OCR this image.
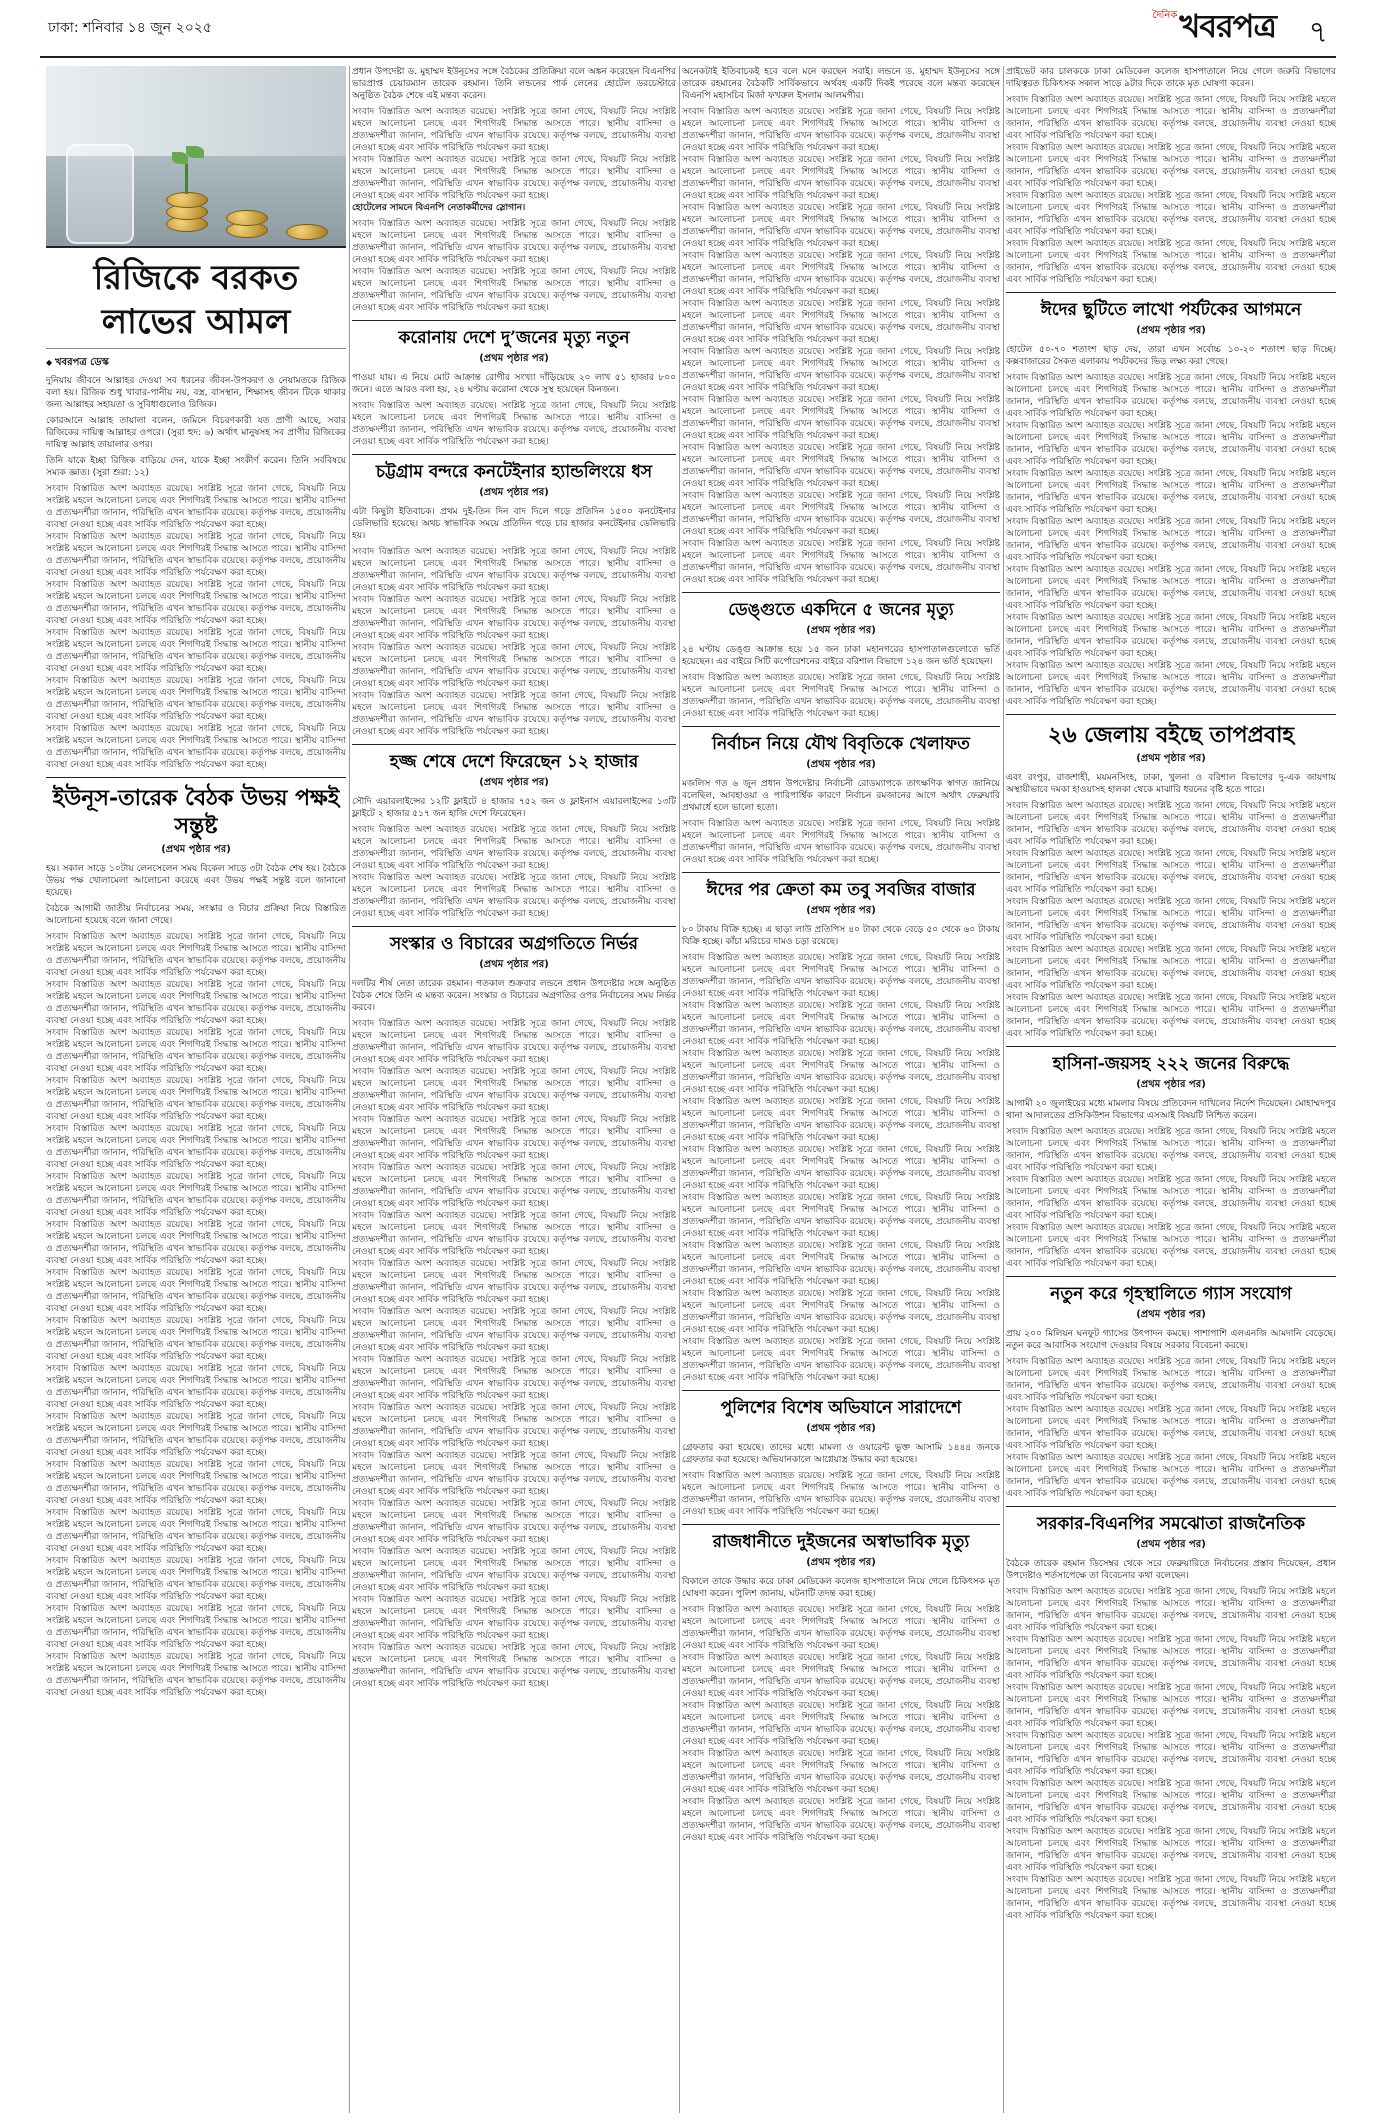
ঢাকা: শনিবার ১৪ জুন ২০২৫
দৈনিক খবরপত্র ৭
রিজিকে বরকত লাভের আমল
◆ খবরপত্র ডেস্ক

দুনিয়ায় জীবনে আল্লাহর দেওয়া সব ধরনের জীবন-উপকরণ ও নেয়ামতকে রিজিক বলা হয়। রিজিক শুধু খাবার-পানীয় নয়, বস্ত্র, বাসস্থান, শিক্ষাসহ জীবন টিকে থাকার জন্য আল্লাহর সহায়তা ও সুবিধাগুলোও রিজিক।

কোরআনে আল্লাহ তায়ালা বলেন, জমিনে বিচরণকারী যত প্রাণী আছে, সবার রিজিকের দায়িত্ব আল্লাহর ওপরে। (সুরা হুদ: ৬) অর্থাৎ মানুষসহ সব প্রাণীর রিজিকের দায়িত্ব আল্লাহ তায়ালার ওপর।

তিনি যাকে ইচ্ছা রিজিক বাড়িয়ে দেন, যাকে ইচ্ছা সংকীর্ণ করেন। তিনি সর্ববিষয়ে সম্যক জ্ঞাত। (সুরা শুরা: ১২)

সংবাদ বিস্তারিত অংশ অব্যাহত রয়েছে। সংশ্লিষ্ট সূত্রে জানা গেছে, বিষয়টি নিয়ে সংশ্লিষ্ট মহলে আলোচনা চলছে এবং শিগগিরই সিদ্ধান্ত আসতে পারে। স্থানীয় বাসিন্দা ও প্রত্যক্ষদর্শীরা জানান, পরিস্থিতি এখন স্বাভাবিক রয়েছে। কর্তৃপক্ষ বলছে, প্রয়োজনীয় ব্যবস্থা নেওয়া হচ্ছে এবং সার্বিক পরিস্থিতি পর্যবেক্ষণ করা হচ্ছে।

সংবাদ বিস্তারিত অংশ অব্যাহত রয়েছে। সংশ্লিষ্ট সূত্রে জানা গেছে, বিষয়টি নিয়ে সংশ্লিষ্ট মহলে আলোচনা চলছে এবং শিগগিরই সিদ্ধান্ত আসতে পারে। স্থানীয় বাসিন্দা ও প্রত্যক্ষদর্শীরা জানান, পরিস্থিতি এখন স্বাভাবিক রয়েছে। কর্তৃপক্ষ বলছে, প্রয়োজনীয় ব্যবস্থা নেওয়া হচ্ছে এবং সার্বিক পরিস্থিতি পর্যবেক্ষণ করা হচ্ছে।

সংবাদ বিস্তারিত অংশ অব্যাহত রয়েছে। সংশ্লিষ্ট সূত্রে জানা গেছে, বিষয়টি নিয়ে সংশ্লিষ্ট মহলে আলোচনা চলছে এবং শিগগিরই সিদ্ধান্ত আসতে পারে। স্থানীয় বাসিন্দা ও প্রত্যক্ষদর্শীরা জানান, পরিস্থিতি এখন স্বাভাবিক রয়েছে। কর্তৃপক্ষ বলছে, প্রয়োজনীয় ব্যবস্থা নেওয়া হচ্ছে এবং সার্বিক পরিস্থিতি পর্যবেক্ষণ করা হচ্ছে।

সংবাদ বিস্তারিত অংশ অব্যাহত রয়েছে। সংশ্লিষ্ট সূত্রে জানা গেছে, বিষয়টি নিয়ে সংশ্লিষ্ট মহলে আলোচনা চলছে এবং শিগগিরই সিদ্ধান্ত আসতে পারে। স্থানীয় বাসিন্দা ও প্রত্যক্ষদর্শীরা জানান, পরিস্থিতি এখন স্বাভাবিক রয়েছে। কর্তৃপক্ষ বলছে, প্রয়োজনীয় ব্যবস্থা নেওয়া হচ্ছে এবং সার্বিক পরিস্থিতি পর্যবেক্ষণ করা হচ্ছে।

সংবাদ বিস্তারিত অংশ অব্যাহত রয়েছে। সংশ্লিষ্ট সূত্রে জানা গেছে, বিষয়টি নিয়ে সংশ্লিষ্ট মহলে আলোচনা চলছে এবং শিগগিরই সিদ্ধান্ত আসতে পারে। স্থানীয় বাসিন্দা ও প্রত্যক্ষদর্শীরা জানান, পরিস্থিতি এখন স্বাভাবিক রয়েছে। কর্তৃপক্ষ বলছে, প্রয়োজনীয় ব্যবস্থা নেওয়া হচ্ছে এবং সার্বিক পরিস্থিতি পর্যবেক্ষণ করা হচ্ছে।

সংবাদ বিস্তারিত অংশ অব্যাহত রয়েছে। সংশ্লিষ্ট সূত্রে জানা গেছে, বিষয়টি নিয়ে সংশ্লিষ্ট মহলে আলোচনা চলছে এবং শিগগিরই সিদ্ধান্ত আসতে পারে। স্থানীয় বাসিন্দা ও প্রত্যক্ষদর্শীরা জানান, পরিস্থিতি এখন স্বাভাবিক রয়েছে। কর্তৃপক্ষ বলছে, প্রয়োজনীয় ব্যবস্থা নেওয়া হচ্ছে এবং সার্বিক পরিস্থিতি পর্যবেক্ষণ করা হচ্ছে।

ইউনূস-তারেক বৈঠক উভয় পক্ষই সন্তুষ্ট
( প্রথম পৃষ্ঠার পর )

হয়। সকাল সাড়ে ১০টায় লেনসেলেন সময় বিকেল সাড়ে ৩টা বৈঠক শেষ হয়। বৈঠকে উভয় পক্ষ খোলামেলা আলোচনা করেছে এবং উভয় পক্ষই সন্তুষ্ট বলে জানানো হয়েছে।

বৈঠকে আগামী জাতীয় নির্বাচনের সময়, সংস্কার ও বিচার প্রক্রিয়া নিয়ে বিস্তারিত আলোচনা হয়েছে বলে জানা গেছে।

সংবাদ বিস্তারিত অংশ অব্যাহত রয়েছে। সংশ্লিষ্ট সূত্রে জানা গেছে, বিষয়টি নিয়ে সংশ্লিষ্ট মহলে আলোচনা চলছে এবং শিগগিরই সিদ্ধান্ত আসতে পারে। স্থানীয় বাসিন্দা ও প্রত্যক্ষদর্শীরা জানান, পরিস্থিতি এখন স্বাভাবিক রয়েছে। কর্তৃপক্ষ বলছে, প্রয়োজনীয় ব্যবস্থা নেওয়া হচ্ছে এবং সার্বিক পরিস্থিতি পর্যবেক্ষণ করা হচ্ছে।

সংবাদ বিস্তারিত অংশ অব্যাহত রয়েছে। সংশ্লিষ্ট সূত্রে জানা গেছে, বিষয়টি নিয়ে সংশ্লিষ্ট মহলে আলোচনা চলছে এবং শিগগিরই সিদ্ধান্ত আসতে পারে। স্থানীয় বাসিন্দা ও প্রত্যক্ষদর্শীরা জানান, পরিস্থিতি এখন স্বাভাবিক রয়েছে। কর্তৃপক্ষ বলছে, প্রয়োজনীয় ব্যবস্থা নেওয়া হচ্ছে এবং সার্বিক পরিস্থিতি পর্যবেক্ষণ করা হচ্ছে।

সংবাদ বিস্তারিত অংশ অব্যাহত রয়েছে। সংশ্লিষ্ট সূত্রে জানা গেছে, বিষয়টি নিয়ে সংশ্লিষ্ট মহলে আলোচনা চলছে এবং শিগগিরই সিদ্ধান্ত আসতে পারে। স্থানীয় বাসিন্দা ও প্রত্যক্ষদর্শীরা জানান, পরিস্থিতি এখন স্বাভাবিক রয়েছে। কর্তৃপক্ষ বলছে, প্রয়োজনীয় ব্যবস্থা নেওয়া হচ্ছে এবং সার্বিক পরিস্থিতি পর্যবেক্ষণ করা হচ্ছে।

সংবাদ বিস্তারিত অংশ অব্যাহত রয়েছে। সংশ্লিষ্ট সূত্রে জানা গেছে, বিষয়টি নিয়ে সংশ্লিষ্ট মহলে আলোচনা চলছে এবং শিগগিরই সিদ্ধান্ত আসতে পারে। স্থানীয় বাসিন্দা ও প্রত্যক্ষদর্শীরা জানান, পরিস্থিতি এখন স্বাভাবিক রয়েছে। কর্তৃপক্ষ বলছে, প্রয়োজনীয় ব্যবস্থা নেওয়া হচ্ছে এবং সার্বিক পরিস্থিতি পর্যবেক্ষণ করা হচ্ছে।

সংবাদ বিস্তারিত অংশ অব্যাহত রয়েছে। সংশ্লিষ্ট সূত্রে জানা গেছে, বিষয়টি নিয়ে সংশ্লিষ্ট মহলে আলোচনা চলছে এবং শিগগিরই সিদ্ধান্ত আসতে পারে। স্থানীয় বাসিন্দা ও প্রত্যক্ষদর্শীরা জানান, পরিস্থিতি এখন স্বাভাবিক রয়েছে। কর্তৃপক্ষ বলছে, প্রয়োজনীয় ব্যবস্থা নেওয়া হচ্ছে এবং সার্বিক পরিস্থিতি পর্যবেক্ষণ করা হচ্ছে।

সংবাদ বিস্তারিত অংশ অব্যাহত রয়েছে। সংশ্লিষ্ট সূত্রে জানা গেছে, বিষয়টি নিয়ে সংশ্লিষ্ট মহলে আলোচনা চলছে এবং শিগগিরই সিদ্ধান্ত আসতে পারে। স্থানীয় বাসিন্দা ও প্রত্যক্ষদর্শীরা জানান, পরিস্থিতি এখন স্বাভাবিক রয়েছে। কর্তৃপক্ষ বলছে, প্রয়োজনীয় ব্যবস্থা নেওয়া হচ্ছে এবং সার্বিক পরিস্থিতি পর্যবেক্ষণ করা হচ্ছে।

সংবাদ বিস্তারিত অংশ অব্যাহত রয়েছে। সংশ্লিষ্ট সূত্রে জানা গেছে, বিষয়টি নিয়ে সংশ্লিষ্ট মহলে আলোচনা চলছে এবং শিগগিরই সিদ্ধান্ত আসতে পারে। স্থানীয় বাসিন্দা ও প্রত্যক্ষদর্শীরা জানান, পরিস্থিতি এখন স্বাভাবিক রয়েছে। কর্তৃপক্ষ বলছে, প্রয়োজনীয় ব্যবস্থা নেওয়া হচ্ছে এবং সার্বিক পরিস্থিতি পর্যবেক্ষণ করা হচ্ছে।

সংবাদ বিস্তারিত অংশ অব্যাহত রয়েছে। সংশ্লিষ্ট সূত্রে জানা গেছে, বিষয়টি নিয়ে সংশ্লিষ্ট মহলে আলোচনা চলছে এবং শিগগিরই সিদ্ধান্ত আসতে পারে। স্থানীয় বাসিন্দা ও প্রত্যক্ষদর্শীরা জানান, পরিস্থিতি এখন স্বাভাবিক রয়েছে। কর্তৃপক্ষ বলছে, প্রয়োজনীয় ব্যবস্থা নেওয়া হচ্ছে এবং সার্বিক পরিস্থিতি পর্যবেক্ষণ করা হচ্ছে।

সংবাদ বিস্তারিত অংশ অব্যাহত রয়েছে। সংশ্লিষ্ট সূত্রে জানা গেছে, বিষয়টি নিয়ে সংশ্লিষ্ট মহলে আলোচনা চলছে এবং শিগগিরই সিদ্ধান্ত আসতে পারে। স্থানীয় বাসিন্দা ও প্রত্যক্ষদর্শীরা জানান, পরিস্থিতি এখন স্বাভাবিক রয়েছে। কর্তৃপক্ষ বলছে, প্রয়োজনীয় ব্যবস্থা নেওয়া হচ্ছে এবং সার্বিক পরিস্থিতি পর্যবেক্ষণ করা হচ্ছে।

সংবাদ বিস্তারিত অংশ অব্যাহত রয়েছে। সংশ্লিষ্ট সূত্রে জানা গেছে, বিষয়টি নিয়ে সংশ্লিষ্ট মহলে আলোচনা চলছে এবং শিগগিরই সিদ্ধান্ত আসতে পারে। স্থানীয় বাসিন্দা ও প্রত্যক্ষদর্শীরা জানান, পরিস্থিতি এখন স্বাভাবিক রয়েছে। কর্তৃপক্ষ বলছে, প্রয়োজনীয় ব্যবস্থা নেওয়া হচ্ছে এবং সার্বিক পরিস্থিতি পর্যবেক্ষণ করা হচ্ছে।

সংবাদ বিস্তারিত অংশ অব্যাহত রয়েছে। সংশ্লিষ্ট সূত্রে জানা গেছে, বিষয়টি নিয়ে সংশ্লিষ্ট মহলে আলোচনা চলছে এবং শিগগিরই সিদ্ধান্ত আসতে পারে। স্থানীয় বাসিন্দা ও প্রত্যক্ষদর্শীরা জানান, পরিস্থিতি এখন স্বাভাবিক রয়েছে। কর্তৃপক্ষ বলছে, প্রয়োজনীয় ব্যবস্থা নেওয়া হচ্ছে এবং সার্বিক পরিস্থিতি পর্যবেক্ষণ করা হচ্ছে।

সংবাদ বিস্তারিত অংশ অব্যাহত রয়েছে। সংশ্লিষ্ট সূত্রে জানা গেছে, বিষয়টি নিয়ে সংশ্লিষ্ট মহলে আলোচনা চলছে এবং শিগগিরই সিদ্ধান্ত আসতে পারে। স্থানীয় বাসিন্দা ও প্রত্যক্ষদর্শীরা জানান, পরিস্থিতি এখন স্বাভাবিক রয়েছে। কর্তৃপক্ষ বলছে, প্রয়োজনীয় ব্যবস্থা নেওয়া হচ্ছে এবং সার্বিক পরিস্থিতি পর্যবেক্ষণ করা হচ্ছে।

সংবাদ বিস্তারিত অংশ অব্যাহত রয়েছে। সংশ্লিষ্ট সূত্রে জানা গেছে, বিষয়টি নিয়ে সংশ্লিষ্ট মহলে আলোচনা চলছে এবং শিগগিরই সিদ্ধান্ত আসতে পারে। স্থানীয় বাসিন্দা ও প্রত্যক্ষদর্শীরা জানান, পরিস্থিতি এখন স্বাভাবিক রয়েছে। কর্তৃপক্ষ বলছে, প্রয়োজনীয় ব্যবস্থা নেওয়া হচ্ছে এবং সার্বিক পরিস্থিতি পর্যবেক্ষণ করা হচ্ছে।

সংবাদ বিস্তারিত অংশ অব্যাহত রয়েছে। সংশ্লিষ্ট সূত্রে জানা গেছে, বিষয়টি নিয়ে সংশ্লিষ্ট মহলে আলোচনা চলছে এবং শিগগিরই সিদ্ধান্ত আসতে পারে। স্থানীয় বাসিন্দা ও প্রত্যক্ষদর্শীরা জানান, পরিস্থিতি এখন স্বাভাবিক রয়েছে। কর্তৃপক্ষ বলছে, প্রয়োজনীয় ব্যবস্থা নেওয়া হচ্ছে এবং সার্বিক পরিস্থিতি পর্যবেক্ষণ করা হচ্ছে।

সংবাদ বিস্তারিত অংশ অব্যাহত রয়েছে। সংশ্লিষ্ট সূত্রে জানা গেছে, বিষয়টি নিয়ে সংশ্লিষ্ট মহলে আলোচনা চলছে এবং শিগগিরই সিদ্ধান্ত আসতে পারে। স্থানীয় বাসিন্দা ও প্রত্যক্ষদর্শীরা জানান, পরিস্থিতি এখন স্বাভাবিক রয়েছে। কর্তৃপক্ষ বলছে, প্রয়োজনীয় ব্যবস্থা নেওয়া হচ্ছে এবং সার্বিক পরিস্থিতি পর্যবেক্ষণ করা হচ্ছে।

সংবাদ বিস্তারিত অংশ অব্যাহত রয়েছে। সংশ্লিষ্ট সূত্রে জানা গেছে, বিষয়টি নিয়ে সংশ্লিষ্ট মহলে আলোচনা চলছে এবং শিগগিরই সিদ্ধান্ত আসতে পারে। স্থানীয় বাসিন্দা ও প্রত্যক্ষদর্শীরা জানান, পরিস্থিতি এখন স্বাভাবিক রয়েছে। কর্তৃপক্ষ বলছে, প্রয়োজনীয় ব্যবস্থা নেওয়া হচ্ছে এবং সার্বিক পরিস্থিতি পর্যবেক্ষণ করা হচ্ছে।

প্রধান উপদেষ্টা ড. মুহাম্মদ ইউনূসের সঙ্গে বৈঠকের প্রতিক্রিয়া বলে অঙ্কন করেছেন বিএনপির ভারপ্রাপ্ত চেয়ারম্যান তারেক রহমান। তিনি লন্ডনের পার্ক লেনের হোটেল ডরচেস্টারে অনুষ্ঠিত বৈঠক শেষে এই মন্তব্য করেন।

সংবাদ বিস্তারিত অংশ অব্যাহত রয়েছে। সংশ্লিষ্ট সূত্রে জানা গেছে, বিষয়টি নিয়ে সংশ্লিষ্ট মহলে আলোচনা চলছে এবং শিগগিরই সিদ্ধান্ত আসতে পারে। স্থানীয় বাসিন্দা ও প্রত্যক্ষদর্শীরা জানান, পরিস্থিতি এখন স্বাভাবিক রয়েছে। কর্তৃপক্ষ বলছে, প্রয়োজনীয় ব্যবস্থা নেওয়া হচ্ছে এবং সার্বিক পরিস্থিতি পর্যবেক্ষণ করা হচ্ছে।

সংবাদ বিস্তারিত অংশ অব্যাহত রয়েছে। সংশ্লিষ্ট সূত্রে জানা গেছে, বিষয়টি নিয়ে সংশ্লিষ্ট মহলে আলোচনা চলছে এবং শিগগিরই সিদ্ধান্ত আসতে পারে। স্থানীয় বাসিন্দা ও প্রত্যক্ষদর্শীরা জানান, পরিস্থিতি এখন স্বাভাবিক রয়েছে। কর্তৃপক্ষ বলছে, প্রয়োজনীয় ব্যবস্থা নেওয়া হচ্ছে এবং সার্বিক পরিস্থিতি পর্যবেক্ষণ করা হচ্ছে।

হোটেলের সামনে বিএনপি নেতাকর্মীদের স্লোগান।

সংবাদ বিস্তারিত অংশ অব্যাহত রয়েছে। সংশ্লিষ্ট সূত্রে জানা গেছে, বিষয়টি নিয়ে সংশ্লিষ্ট মহলে আলোচনা চলছে এবং শিগগিরই সিদ্ধান্ত আসতে পারে। স্থানীয় বাসিন্দা ও প্রত্যক্ষদর্শীরা জানান, পরিস্থিতি এখন স্বাভাবিক রয়েছে। কর্তৃপক্ষ বলছে, প্রয়োজনীয় ব্যবস্থা নেওয়া হচ্ছে এবং সার্বিক পরিস্থিতি পর্যবেক্ষণ করা হচ্ছে।

সংবাদ বিস্তারিত অংশ অব্যাহত রয়েছে। সংশ্লিষ্ট সূত্রে জানা গেছে, বিষয়টি নিয়ে সংশ্লিষ্ট মহলে আলোচনা চলছে এবং শিগগিরই সিদ্ধান্ত আসতে পারে। স্থানীয় বাসিন্দা ও প্রত্যক্ষদর্শীরা জানান, পরিস্থিতি এখন স্বাভাবিক রয়েছে। কর্তৃপক্ষ বলছে, প্রয়োজনীয় ব্যবস্থা নেওয়া হচ্ছে এবং সার্বিক পরিস্থিতি পর্যবেক্ষণ করা হচ্ছে।

করোনায় দেশে দু’জনের মৃত্যু নতুন
( প্রথম পৃষ্ঠার পর )

পাওয়া যায়। এ নিয়ে মোট আক্রান্ত রোগীর সংখ্যা দাঁড়িয়েছে ২০ লাখ ৫১ হাজার ৮০০ জনে। এতে আরও বলা হয়, ২৪ ঘণ্টায় করোনা থেকে সুস্থ হয়েছেন কিনজন।

সংবাদ বিস্তারিত অংশ অব্যাহত রয়েছে। সংশ্লিষ্ট সূত্রে জানা গেছে, বিষয়টি নিয়ে সংশ্লিষ্ট মহলে আলোচনা চলছে এবং শিগগিরই সিদ্ধান্ত আসতে পারে। স্থানীয় বাসিন্দা ও প্রত্যক্ষদর্শীরা জানান, পরিস্থিতি এখন স্বাভাবিক রয়েছে। কর্তৃপক্ষ বলছে, প্রয়োজনীয় ব্যবস্থা নেওয়া হচ্ছে এবং সার্বিক পরিস্থিতি পর্যবেক্ষণ করা হচ্ছে।

চট্টগ্রাম বন্দরে কনটেইনার হ্যান্ডলিংয়ে ধস
( প্রথম পৃষ্ঠার পর )

এটা কিছুটা ইতিবাচক। প্রথম দুই-তিন দিন বাদ দিলে গড়ে প্রতিদিন ১৫০০ কনটেইনার ডেলিভারি হয়েছে। অথচ স্বাভাবিক সময়ে প্রতিদিন গড়ে চার হাজার কনটেইনার ডেলিভারি হয়।

সংবাদ বিস্তারিত অংশ অব্যাহত রয়েছে। সংশ্লিষ্ট সূত্রে জানা গেছে, বিষয়টি নিয়ে সংশ্লিষ্ট মহলে আলোচনা চলছে এবং শিগগিরই সিদ্ধান্ত আসতে পারে। স্থানীয় বাসিন্দা ও প্রত্যক্ষদর্শীরা জানান, পরিস্থিতি এখন স্বাভাবিক রয়েছে। কর্তৃপক্ষ বলছে, প্রয়োজনীয় ব্যবস্থা নেওয়া হচ্ছে এবং সার্বিক পরিস্থিতি পর্যবেক্ষণ করা হচ্ছে।

সংবাদ বিস্তারিত অংশ অব্যাহত রয়েছে। সংশ্লিষ্ট সূত্রে জানা গেছে, বিষয়টি নিয়ে সংশ্লিষ্ট মহলে আলোচনা চলছে এবং শিগগিরই সিদ্ধান্ত আসতে পারে। স্থানীয় বাসিন্দা ও প্রত্যক্ষদর্শীরা জানান, পরিস্থিতি এখন স্বাভাবিক রয়েছে। কর্তৃপক্ষ বলছে, প্রয়োজনীয় ব্যবস্থা নেওয়া হচ্ছে এবং সার্বিক পরিস্থিতি পর্যবেক্ষণ করা হচ্ছে।

সংবাদ বিস্তারিত অংশ অব্যাহত রয়েছে। সংশ্লিষ্ট সূত্রে জানা গেছে, বিষয়টি নিয়ে সংশ্লিষ্ট মহলে আলোচনা চলছে এবং শিগগিরই সিদ্ধান্ত আসতে পারে। স্থানীয় বাসিন্দা ও প্রত্যক্ষদর্শীরা জানান, পরিস্থিতি এখন স্বাভাবিক রয়েছে। কর্তৃপক্ষ বলছে, প্রয়োজনীয় ব্যবস্থা নেওয়া হচ্ছে এবং সার্বিক পরিস্থিতি পর্যবেক্ষণ করা হচ্ছে।

সংবাদ বিস্তারিত অংশ অব্যাহত রয়েছে। সংশ্লিষ্ট সূত্রে জানা গেছে, বিষয়টি নিয়ে সংশ্লিষ্ট মহলে আলোচনা চলছে এবং শিগগিরই সিদ্ধান্ত আসতে পারে। স্থানীয় বাসিন্দা ও প্রত্যক্ষদর্শীরা জানান, পরিস্থিতি এখন স্বাভাবিক রয়েছে। কর্তৃপক্ষ বলছে, প্রয়োজনীয় ব্যবস্থা নেওয়া হচ্ছে এবং সার্বিক পরিস্থিতি পর্যবেক্ষণ করা হচ্ছে।

হজ্জ শেষে দেশে ফিরেছেন ১২ হাজার
( প্রথম পৃষ্ঠার পর )

সৌদি এয়ারলাইন্সের ১২টি ফ্লাইটে ৪ হাজার ৭৫২ জন ও ফ্লাইনাস এয়ারলাইন্সের ১৩টি ফ্লাইটে ২ হাজার ৫১৭ জন হাজি দেশে ফিরেছেন।

সংবাদ বিস্তারিত অংশ অব্যাহত রয়েছে। সংশ্লিষ্ট সূত্রে জানা গেছে, বিষয়টি নিয়ে সংশ্লিষ্ট মহলে আলোচনা চলছে এবং শিগগিরই সিদ্ধান্ত আসতে পারে। স্থানীয় বাসিন্দা ও প্রত্যক্ষদর্শীরা জানান, পরিস্থিতি এখন স্বাভাবিক রয়েছে। কর্তৃপক্ষ বলছে, প্রয়োজনীয় ব্যবস্থা নেওয়া হচ্ছে এবং সার্বিক পরিস্থিতি পর্যবেক্ষণ করা হচ্ছে।

সংবাদ বিস্তারিত অংশ অব্যাহত রয়েছে। সংশ্লিষ্ট সূত্রে জানা গেছে, বিষয়টি নিয়ে সংশ্লিষ্ট মহলে আলোচনা চলছে এবং শিগগিরই সিদ্ধান্ত আসতে পারে। স্থানীয় বাসিন্দা ও প্রত্যক্ষদর্শীরা জানান, পরিস্থিতি এখন স্বাভাবিক রয়েছে। কর্তৃপক্ষ বলছে, প্রয়োজনীয় ব্যবস্থা নেওয়া হচ্ছে এবং সার্বিক পরিস্থিতি পর্যবেক্ষণ করা হচ্ছে।

সংস্কার ও বিচারের অগ্রগতিতে নির্ভর
( প্রথম পৃষ্ঠার পর )

দলটির শীর্ষ নেতা তারেক রহমান। গতকাল শুক্রবার লন্ডনে প্রধান উপদেষ্টার সঙ্গে অনুষ্ঠিত বৈঠক শেষে তিনি এ মন্তব্য করেন। সংস্কার ও বিচারের অগ্রগতির ওপর নির্বাচনের সময় নির্ভর করবে।

সংবাদ বিস্তারিত অংশ অব্যাহত রয়েছে। সংশ্লিষ্ট সূত্রে জানা গেছে, বিষয়টি নিয়ে সংশ্লিষ্ট মহলে আলোচনা চলছে এবং শিগগিরই সিদ্ধান্ত আসতে পারে। স্থানীয় বাসিন্দা ও প্রত্যক্ষদর্শীরা জানান, পরিস্থিতি এখন স্বাভাবিক রয়েছে। কর্তৃপক্ষ বলছে, প্রয়োজনীয় ব্যবস্থা নেওয়া হচ্ছে এবং সার্বিক পরিস্থিতি পর্যবেক্ষণ করা হচ্ছে।

সংবাদ বিস্তারিত অংশ অব্যাহত রয়েছে। সংশ্লিষ্ট সূত্রে জানা গেছে, বিষয়টি নিয়ে সংশ্লিষ্ট মহলে আলোচনা চলছে এবং শিগগিরই সিদ্ধান্ত আসতে পারে। স্থানীয় বাসিন্দা ও প্রত্যক্ষদর্শীরা জানান, পরিস্থিতি এখন স্বাভাবিক রয়েছে। কর্তৃপক্ষ বলছে, প্রয়োজনীয় ব্যবস্থা নেওয়া হচ্ছে এবং সার্বিক পরিস্থিতি পর্যবেক্ষণ করা হচ্ছে।

সংবাদ বিস্তারিত অংশ অব্যাহত রয়েছে। সংশ্লিষ্ট সূত্রে জানা গেছে, বিষয়টি নিয়ে সংশ্লিষ্ট মহলে আলোচনা চলছে এবং শিগগিরই সিদ্ধান্ত আসতে পারে। স্থানীয় বাসিন্দা ও প্রত্যক্ষদর্শীরা জানান, পরিস্থিতি এখন স্বাভাবিক রয়েছে। কর্তৃপক্ষ বলছে, প্রয়োজনীয় ব্যবস্থা নেওয়া হচ্ছে এবং সার্বিক পরিস্থিতি পর্যবেক্ষণ করা হচ্ছে।

সংবাদ বিস্তারিত অংশ অব্যাহত রয়েছে। সংশ্লিষ্ট সূত্রে জানা গেছে, বিষয়টি নিয়ে সংশ্লিষ্ট মহলে আলোচনা চলছে এবং শিগগিরই সিদ্ধান্ত আসতে পারে। স্থানীয় বাসিন্দা ও প্রত্যক্ষদর্শীরা জানান, পরিস্থিতি এখন স্বাভাবিক রয়েছে। কর্তৃপক্ষ বলছে, প্রয়োজনীয় ব্যবস্থা নেওয়া হচ্ছে এবং সার্বিক পরিস্থিতি পর্যবেক্ষণ করা হচ্ছে।

সংবাদ বিস্তারিত অংশ অব্যাহত রয়েছে। সংশ্লিষ্ট সূত্রে জানা গেছে, বিষয়টি নিয়ে সংশ্লিষ্ট মহলে আলোচনা চলছে এবং শিগগিরই সিদ্ধান্ত আসতে পারে। স্থানীয় বাসিন্দা ও প্রত্যক্ষদর্শীরা জানান, পরিস্থিতি এখন স্বাভাবিক রয়েছে। কর্তৃপক্ষ বলছে, প্রয়োজনীয় ব্যবস্থা নেওয়া হচ্ছে এবং সার্বিক পরিস্থিতি পর্যবেক্ষণ করা হচ্ছে।

সংবাদ বিস্তারিত অংশ অব্যাহত রয়েছে। সংশ্লিষ্ট সূত্রে জানা গেছে, বিষয়টি নিয়ে সংশ্লিষ্ট মহলে আলোচনা চলছে এবং শিগগিরই সিদ্ধান্ত আসতে পারে। স্থানীয় বাসিন্দা ও প্রত্যক্ষদর্শীরা জানান, পরিস্থিতি এখন স্বাভাবিক রয়েছে। কর্তৃপক্ষ বলছে, প্রয়োজনীয় ব্যবস্থা নেওয়া হচ্ছে এবং সার্বিক পরিস্থিতি পর্যবেক্ষণ করা হচ্ছে।

সংবাদ বিস্তারিত অংশ অব্যাহত রয়েছে। সংশ্লিষ্ট সূত্রে জানা গেছে, বিষয়টি নিয়ে সংশ্লিষ্ট মহলে আলোচনা চলছে এবং শিগগিরই সিদ্ধান্ত আসতে পারে। স্থানীয় বাসিন্দা ও প্রত্যক্ষদর্শীরা জানান, পরিস্থিতি এখন স্বাভাবিক রয়েছে। কর্তৃপক্ষ বলছে, প্রয়োজনীয় ব্যবস্থা নেওয়া হচ্ছে এবং সার্বিক পরিস্থিতি পর্যবেক্ষণ করা হচ্ছে।

সংবাদ বিস্তারিত অংশ অব্যাহত রয়েছে। সংশ্লিষ্ট সূত্রে জানা গেছে, বিষয়টি নিয়ে সংশ্লিষ্ট মহলে আলোচনা চলছে এবং শিগগিরই সিদ্ধান্ত আসতে পারে। স্থানীয় বাসিন্দা ও প্রত্যক্ষদর্শীরা জানান, পরিস্থিতি এখন স্বাভাবিক রয়েছে। কর্তৃপক্ষ বলছে, প্রয়োজনীয় ব্যবস্থা নেওয়া হচ্ছে এবং সার্বিক পরিস্থিতি পর্যবেক্ষণ করা হচ্ছে।

সংবাদ বিস্তারিত অংশ অব্যাহত রয়েছে। সংশ্লিষ্ট সূত্রে জানা গেছে, বিষয়টি নিয়ে সংশ্লিষ্ট মহলে আলোচনা চলছে এবং শিগগিরই সিদ্ধান্ত আসতে পারে। স্থানীয় বাসিন্দা ও প্রত্যক্ষদর্শীরা জানান, পরিস্থিতি এখন স্বাভাবিক রয়েছে। কর্তৃপক্ষ বলছে, প্রয়োজনীয় ব্যবস্থা নেওয়া হচ্ছে এবং সার্বিক পরিস্থিতি পর্যবেক্ষণ করা হচ্ছে।

সংবাদ বিস্তারিত অংশ অব্যাহত রয়েছে। সংশ্লিষ্ট সূত্রে জানা গেছে, বিষয়টি নিয়ে সংশ্লিষ্ট মহলে আলোচনা চলছে এবং শিগগিরই সিদ্ধান্ত আসতে পারে। স্থানীয় বাসিন্দা ও প্রত্যক্ষদর্শীরা জানান, পরিস্থিতি এখন স্বাভাবিক রয়েছে। কর্তৃপক্ষ বলছে, প্রয়োজনীয় ব্যবস্থা নেওয়া হচ্ছে এবং সার্বিক পরিস্থিতি পর্যবেক্ষণ করা হচ্ছে।

সংবাদ বিস্তারিত অংশ অব্যাহত রয়েছে। সংশ্লিষ্ট সূত্রে জানা গেছে, বিষয়টি নিয়ে সংশ্লিষ্ট মহলে আলোচনা চলছে এবং শিগগিরই সিদ্ধান্ত আসতে পারে। স্থানীয় বাসিন্দা ও প্রত্যক্ষদর্শীরা জানান, পরিস্থিতি এখন স্বাভাবিক রয়েছে। কর্তৃপক্ষ বলছে, প্রয়োজনীয় ব্যবস্থা নেওয়া হচ্ছে এবং সার্বিক পরিস্থিতি পর্যবেক্ষণ করা হচ্ছে।

সংবাদ বিস্তারিত অংশ অব্যাহত রয়েছে। সংশ্লিষ্ট সূত্রে জানা গেছে, বিষয়টি নিয়ে সংশ্লিষ্ট মহলে আলোচনা চলছে এবং শিগগিরই সিদ্ধান্ত আসতে পারে। স্থানীয় বাসিন্দা ও প্রত্যক্ষদর্শীরা জানান, পরিস্থিতি এখন স্বাভাবিক রয়েছে। কর্তৃপক্ষ বলছে, প্রয়োজনীয় ব্যবস্থা নেওয়া হচ্ছে এবং সার্বিক পরিস্থিতি পর্যবেক্ষণ করা হচ্ছে।

সংবাদ বিস্তারিত অংশ অব্যাহত রয়েছে। সংশ্লিষ্ট সূত্রে জানা গেছে, বিষয়টি নিয়ে সংশ্লিষ্ট মহলে আলোচনা চলছে এবং শিগগিরই সিদ্ধান্ত আসতে পারে। স্থানীয় বাসিন্দা ও প্রত্যক্ষদর্শীরা জানান, পরিস্থিতি এখন স্বাভাবিক রয়েছে। কর্তৃপক্ষ বলছে, প্রয়োজনীয় ব্যবস্থা নেওয়া হচ্ছে এবং সার্বিক পরিস্থিতি পর্যবেক্ষণ করা হচ্ছে।

সংবাদ বিস্তারিত অংশ অব্যাহত রয়েছে। সংশ্লিষ্ট সূত্রে জানা গেছে, বিষয়টি নিয়ে সংশ্লিষ্ট মহলে আলোচনা চলছে এবং শিগগিরই সিদ্ধান্ত আসতে পারে। স্থানীয় বাসিন্দা ও প্রত্যক্ষদর্শীরা জানান, পরিস্থিতি এখন স্বাভাবিক রয়েছে। কর্তৃপক্ষ বলছে, প্রয়োজনীয় ব্যবস্থা নেওয়া হচ্ছে এবং সার্বিক পরিস্থিতি পর্যবেক্ষণ করা হচ্ছে।

অনেকটাই ইতিবাচকই হবে বলে মনে করছেন সবাই। লন্ডনে ড. মুহাম্মদ ইউনূসের সঙ্গে তারেক রহমানের বৈঠকটি সার্বিকভাবে অর্থবহ একটি দিকই পরেছে বলে মন্তব্য করেছেন বিএনপি মহাসচিব মির্জা ফখরুল ইসলাম আলমগীর।

সংবাদ বিস্তারিত অংশ অব্যাহত রয়েছে। সংশ্লিষ্ট সূত্রে জানা গেছে, বিষয়টি নিয়ে সংশ্লিষ্ট মহলে আলোচনা চলছে এবং শিগগিরই সিদ্ধান্ত আসতে পারে। স্থানীয় বাসিন্দা ও প্রত্যক্ষদর্শীরা জানান, পরিস্থিতি এখন স্বাভাবিক রয়েছে। কর্তৃপক্ষ বলছে, প্রয়োজনীয় ব্যবস্থা নেওয়া হচ্ছে এবং সার্বিক পরিস্থিতি পর্যবেক্ষণ করা হচ্ছে।

সংবাদ বিস্তারিত অংশ অব্যাহত রয়েছে। সংশ্লিষ্ট সূত্রে জানা গেছে, বিষয়টি নিয়ে সংশ্লিষ্ট মহলে আলোচনা চলছে এবং শিগগিরই সিদ্ধান্ত আসতে পারে। স্থানীয় বাসিন্দা ও প্রত্যক্ষদর্শীরা জানান, পরিস্থিতি এখন স্বাভাবিক রয়েছে। কর্তৃপক্ষ বলছে, প্রয়োজনীয় ব্যবস্থা নেওয়া হচ্ছে এবং সার্বিক পরিস্থিতি পর্যবেক্ষণ করা হচ্ছে।

সংবাদ বিস্তারিত অংশ অব্যাহত রয়েছে। সংশ্লিষ্ট সূত্রে জানা গেছে, বিষয়টি নিয়ে সংশ্লিষ্ট মহলে আলোচনা চলছে এবং শিগগিরই সিদ্ধান্ত আসতে পারে। স্থানীয় বাসিন্দা ও প্রত্যক্ষদর্শীরা জানান, পরিস্থিতি এখন স্বাভাবিক রয়েছে। কর্তৃপক্ষ বলছে, প্রয়োজনীয় ব্যবস্থা নেওয়া হচ্ছে এবং সার্বিক পরিস্থিতি পর্যবেক্ষণ করা হচ্ছে।

সংবাদ বিস্তারিত অংশ অব্যাহত রয়েছে। সংশ্লিষ্ট সূত্রে জানা গেছে, বিষয়টি নিয়ে সংশ্লিষ্ট মহলে আলোচনা চলছে এবং শিগগিরই সিদ্ধান্ত আসতে পারে। স্থানীয় বাসিন্দা ও প্রত্যক্ষদর্শীরা জানান, পরিস্থিতি এখন স্বাভাবিক রয়েছে। কর্তৃপক্ষ বলছে, প্রয়োজনীয় ব্যবস্থা নেওয়া হচ্ছে এবং সার্বিক পরিস্থিতি পর্যবেক্ষণ করা হচ্ছে।

সংবাদ বিস্তারিত অংশ অব্যাহত রয়েছে। সংশ্লিষ্ট সূত্রে জানা গেছে, বিষয়টি নিয়ে সংশ্লিষ্ট মহলে আলোচনা চলছে এবং শিগগিরই সিদ্ধান্ত আসতে পারে। স্থানীয় বাসিন্দা ও প্রত্যক্ষদর্শীরা জানান, পরিস্থিতি এখন স্বাভাবিক রয়েছে। কর্তৃপক্ষ বলছে, প্রয়োজনীয় ব্যবস্থা নেওয়া হচ্ছে এবং সার্বিক পরিস্থিতি পর্যবেক্ষণ করা হচ্ছে।

সংবাদ বিস্তারিত অংশ অব্যাহত রয়েছে। সংশ্লিষ্ট সূত্রে জানা গেছে, বিষয়টি নিয়ে সংশ্লিষ্ট মহলে আলোচনা চলছে এবং শিগগিরই সিদ্ধান্ত আসতে পারে। স্থানীয় বাসিন্দা ও প্রত্যক্ষদর্শীরা জানান, পরিস্থিতি এখন স্বাভাবিক রয়েছে। কর্তৃপক্ষ বলছে, প্রয়োজনীয় ব্যবস্থা নেওয়া হচ্ছে এবং সার্বিক পরিস্থিতি পর্যবেক্ষণ করা হচ্ছে।

সংবাদ বিস্তারিত অংশ অব্যাহত রয়েছে। সংশ্লিষ্ট সূত্রে জানা গেছে, বিষয়টি নিয়ে সংশ্লিষ্ট মহলে আলোচনা চলছে এবং শিগগিরই সিদ্ধান্ত আসতে পারে। স্থানীয় বাসিন্দা ও প্রত্যক্ষদর্শীরা জানান, পরিস্থিতি এখন স্বাভাবিক রয়েছে। কর্তৃপক্ষ বলছে, প্রয়োজনীয় ব্যবস্থা নেওয়া হচ্ছে এবং সার্বিক পরিস্থিতি পর্যবেক্ষণ করা হচ্ছে।

সংবাদ বিস্তারিত অংশ অব্যাহত রয়েছে। সংশ্লিষ্ট সূত্রে জানা গেছে, বিষয়টি নিয়ে সংশ্লিষ্ট মহলে আলোচনা চলছে এবং শিগগিরই সিদ্ধান্ত আসতে পারে। স্থানীয় বাসিন্দা ও প্রত্যক্ষদর্শীরা জানান, পরিস্থিতি এখন স্বাভাবিক রয়েছে। কর্তৃপক্ষ বলছে, প্রয়োজনীয় ব্যবস্থা নেওয়া হচ্ছে এবং সার্বিক পরিস্থিতি পর্যবেক্ষণ করা হচ্ছে।

সংবাদ বিস্তারিত অংশ অব্যাহত রয়েছে। সংশ্লিষ্ট সূত্রে জানা গেছে, বিষয়টি নিয়ে সংশ্লিষ্ট মহলে আলোচনা চলছে এবং শিগগিরই সিদ্ধান্ত আসতে পারে। স্থানীয় বাসিন্দা ও প্রত্যক্ষদর্শীরা জানান, পরিস্থিতি এখন স্বাভাবিক রয়েছে। কর্তৃপক্ষ বলছে, প্রয়োজনীয় ব্যবস্থা নেওয়া হচ্ছে এবং সার্বিক পরিস্থিতি পর্যবেক্ষণ করা হচ্ছে।

সংবাদ বিস্তারিত অংশ অব্যাহত রয়েছে। সংশ্লিষ্ট সূত্রে জানা গেছে, বিষয়টি নিয়ে সংশ্লিষ্ট মহলে আলোচনা চলছে এবং শিগগিরই সিদ্ধান্ত আসতে পারে। স্থানীয় বাসিন্দা ও প্রত্যক্ষদর্শীরা জানান, পরিস্থিতি এখন স্বাভাবিক রয়েছে। কর্তৃপক্ষ বলছে, প্রয়োজনীয় ব্যবস্থা নেওয়া হচ্ছে এবং সার্বিক পরিস্থিতি পর্যবেক্ষণ করা হচ্ছে।

ডেঙ্গুতে একদিনে ৫ জনের মৃত্যু
( প্রথম পৃষ্ঠার পর )

২৪ ঘণ্টায় ডেঙ্গু আক্রান্ত হয়ে ১৫ জন ঢাকা মহানগরের হাসপাতালগুলোতে ভর্তি হয়েছেন। এর বাইরে সিটি কর্পোরেশনের বাইরে বরিশাল বিভাগে ১২৪ জন ভর্তি হয়েছেন।

সংবাদ বিস্তারিত অংশ অব্যাহত রয়েছে। সংশ্লিষ্ট সূত্রে জানা গেছে, বিষয়টি নিয়ে সংশ্লিষ্ট মহলে আলোচনা চলছে এবং শিগগিরই সিদ্ধান্ত আসতে পারে। স্থানীয় বাসিন্দা ও প্রত্যক্ষদর্শীরা জানান, পরিস্থিতি এখন স্বাভাবিক রয়েছে। কর্তৃপক্ষ বলছে, প্রয়োজনীয় ব্যবস্থা নেওয়া হচ্ছে এবং সার্বিক পরিস্থিতি পর্যবেক্ষণ করা হচ্ছে।

নির্বাচন নিয়ে যৌথ বিবৃতিকে খেলাফত
( প্রথম পৃষ্ঠার পর )

মজলিস গত ৬ জুন প্রধান উপদেষ্টার নির্বাচনী রোডম্যাপকে তাৎক্ষণিক স্বাগত জানিয়ে বলেছিল, আবহাওয়া ও পারিপার্শ্বিক কারণে নির্বাচন রমজানের আগে অর্থাৎ ফেব্রুয়ারি প্রথমার্ধে হলে ভালো হতো।

সংবাদ বিস্তারিত অংশ অব্যাহত রয়েছে। সংশ্লিষ্ট সূত্রে জানা গেছে, বিষয়টি নিয়ে সংশ্লিষ্ট মহলে আলোচনা চলছে এবং শিগগিরই সিদ্ধান্ত আসতে পারে। স্থানীয় বাসিন্দা ও প্রত্যক্ষদর্শীরা জানান, পরিস্থিতি এখন স্বাভাবিক রয়েছে। কর্তৃপক্ষ বলছে, প্রয়োজনীয় ব্যবস্থা নেওয়া হচ্ছে এবং সার্বিক পরিস্থিতি পর্যবেক্ষণ করা হচ্ছে।

ঈদের পর ক্রেতা কম তবু সবজির বাজার
( প্রথম পৃষ্ঠার পর )

৮০ টাকায় বিক্রি হচ্ছে। এ ছাড়া লাউ প্রতিপিস ৪০ টাকা থেকে বেড়ে ৫০ থেকে ৬০ টাকায় বিক্রি হচ্ছে। কাঁচা মরিচের দামও চড়া রয়েছে।

সংবাদ বিস্তারিত অংশ অব্যাহত রয়েছে। সংশ্লিষ্ট সূত্রে জানা গেছে, বিষয়টি নিয়ে সংশ্লিষ্ট মহলে আলোচনা চলছে এবং শিগগিরই সিদ্ধান্ত আসতে পারে। স্থানীয় বাসিন্দা ও প্রত্যক্ষদর্শীরা জানান, পরিস্থিতি এখন স্বাভাবিক রয়েছে। কর্তৃপক্ষ বলছে, প্রয়োজনীয় ব্যবস্থা নেওয়া হচ্ছে এবং সার্বিক পরিস্থিতি পর্যবেক্ষণ করা হচ্ছে।

সংবাদ বিস্তারিত অংশ অব্যাহত রয়েছে। সংশ্লিষ্ট সূত্রে জানা গেছে, বিষয়টি নিয়ে সংশ্লিষ্ট মহলে আলোচনা চলছে এবং শিগগিরই সিদ্ধান্ত আসতে পারে। স্থানীয় বাসিন্দা ও প্রত্যক্ষদর্শীরা জানান, পরিস্থিতি এখন স্বাভাবিক রয়েছে। কর্তৃপক্ষ বলছে, প্রয়োজনীয় ব্যবস্থা নেওয়া হচ্ছে এবং সার্বিক পরিস্থিতি পর্যবেক্ষণ করা হচ্ছে।

সংবাদ বিস্তারিত অংশ অব্যাহত রয়েছে। সংশ্লিষ্ট সূত্রে জানা গেছে, বিষয়টি নিয়ে সংশ্লিষ্ট মহলে আলোচনা চলছে এবং শিগগিরই সিদ্ধান্ত আসতে পারে। স্থানীয় বাসিন্দা ও প্রত্যক্ষদর্শীরা জানান, পরিস্থিতি এখন স্বাভাবিক রয়েছে। কর্তৃপক্ষ বলছে, প্রয়োজনীয় ব্যবস্থা নেওয়া হচ্ছে এবং সার্বিক পরিস্থিতি পর্যবেক্ষণ করা হচ্ছে।

সংবাদ বিস্তারিত অংশ অব্যাহত রয়েছে। সংশ্লিষ্ট সূত্রে জানা গেছে, বিষয়টি নিয়ে সংশ্লিষ্ট মহলে আলোচনা চলছে এবং শিগগিরই সিদ্ধান্ত আসতে পারে। স্থানীয় বাসিন্দা ও প্রত্যক্ষদর্শীরা জানান, পরিস্থিতি এখন স্বাভাবিক রয়েছে। কর্তৃপক্ষ বলছে, প্রয়োজনীয় ব্যবস্থা নেওয়া হচ্ছে এবং সার্বিক পরিস্থিতি পর্যবেক্ষণ করা হচ্ছে।

সংবাদ বিস্তারিত অংশ অব্যাহত রয়েছে। সংশ্লিষ্ট সূত্রে জানা গেছে, বিষয়টি নিয়ে সংশ্লিষ্ট মহলে আলোচনা চলছে এবং শিগগিরই সিদ্ধান্ত আসতে পারে। স্থানীয় বাসিন্দা ও প্রত্যক্ষদর্শীরা জানান, পরিস্থিতি এখন স্বাভাবিক রয়েছে। কর্তৃপক্ষ বলছে, প্রয়োজনীয় ব্যবস্থা নেওয়া হচ্ছে এবং সার্বিক পরিস্থিতি পর্যবেক্ষণ করা হচ্ছে।

সংবাদ বিস্তারিত অংশ অব্যাহত রয়েছে। সংশ্লিষ্ট সূত্রে জানা গেছে, বিষয়টি নিয়ে সংশ্লিষ্ট মহলে আলোচনা চলছে এবং শিগগিরই সিদ্ধান্ত আসতে পারে। স্থানীয় বাসিন্দা ও প্রত্যক্ষদর্শীরা জানান, পরিস্থিতি এখন স্বাভাবিক রয়েছে। কর্তৃপক্ষ বলছে, প্রয়োজনীয় ব্যবস্থা নেওয়া হচ্ছে এবং সার্বিক পরিস্থিতি পর্যবেক্ষণ করা হচ্ছে।

সংবাদ বিস্তারিত অংশ অব্যাহত রয়েছে। সংশ্লিষ্ট সূত্রে জানা গেছে, বিষয়টি নিয়ে সংশ্লিষ্ট মহলে আলোচনা চলছে এবং শিগগিরই সিদ্ধান্ত আসতে পারে। স্থানীয় বাসিন্দা ও প্রত্যক্ষদর্শীরা জানান, পরিস্থিতি এখন স্বাভাবিক রয়েছে। কর্তৃপক্ষ বলছে, প্রয়োজনীয় ব্যবস্থা নেওয়া হচ্ছে এবং সার্বিক পরিস্থিতি পর্যবেক্ষণ করা হচ্ছে।

সংবাদ বিস্তারিত অংশ অব্যাহত রয়েছে। সংশ্লিষ্ট সূত্রে জানা গেছে, বিষয়টি নিয়ে সংশ্লিষ্ট মহলে আলোচনা চলছে এবং শিগগিরই সিদ্ধান্ত আসতে পারে। স্থানীয় বাসিন্দা ও প্রত্যক্ষদর্শীরা জানান, পরিস্থিতি এখন স্বাভাবিক রয়েছে। কর্তৃপক্ষ বলছে, প্রয়োজনীয় ব্যবস্থা নেওয়া হচ্ছে এবং সার্বিক পরিস্থিতি পর্যবেক্ষণ করা হচ্ছে।

সংবাদ বিস্তারিত অংশ অব্যাহত রয়েছে। সংশ্লিষ্ট সূত্রে জানা গেছে, বিষয়টি নিয়ে সংশ্লিষ্ট মহলে আলোচনা চলছে এবং শিগগিরই সিদ্ধান্ত আসতে পারে। স্থানীয় বাসিন্দা ও প্রত্যক্ষদর্শীরা জানান, পরিস্থিতি এখন স্বাভাবিক রয়েছে। কর্তৃপক্ষ বলছে, প্রয়োজনীয় ব্যবস্থা নেওয়া হচ্ছে এবং সার্বিক পরিস্থিতি পর্যবেক্ষণ করা হচ্ছে।

পুলিশের বিশেষ অভিযানে সারাদেশে
( প্রথম পৃষ্ঠার পর )

গ্রেফতার করা হয়েছে। তাদের মধ্যে মামলা ও ওয়ারেন্ট ভুক্ত আসামি ১৪৪৪ জনকে গ্রেফতার করা হয়েছে। অভিযানকালে আগ্নেয়াস্ত্র উদ্ধার করা হয়েছে।

সংবাদ বিস্তারিত অংশ অব্যাহত রয়েছে। সংশ্লিষ্ট সূত্রে জানা গেছে, বিষয়টি নিয়ে সংশ্লিষ্ট মহলে আলোচনা চলছে এবং শিগগিরই সিদ্ধান্ত আসতে পারে। স্থানীয় বাসিন্দা ও প্রত্যক্ষদর্শীরা জানান, পরিস্থিতি এখন স্বাভাবিক রয়েছে। কর্তৃপক্ষ বলছে, প্রয়োজনীয় ব্যবস্থা নেওয়া হচ্ছে এবং সার্বিক পরিস্থিতি পর্যবেক্ষণ করা হচ্ছে।

রাজধানীতে দুইজনের অস্বাভাবিক মৃত্যু
( প্রথম পৃষ্ঠার পর )

বিকালে তাকে উদ্ধার করে ঢাকা মেডিকেল কলেজ হাসপাতালে নিয়ে গেলে চিকিৎসক মৃত ঘোষণা করেন। পুলিশ জানায়, ঘটনাটি তদন্ত করা হচ্ছে।

সংবাদ বিস্তারিত অংশ অব্যাহত রয়েছে। সংশ্লিষ্ট সূত্রে জানা গেছে, বিষয়টি নিয়ে সংশ্লিষ্ট মহলে আলোচনা চলছে এবং শিগগিরই সিদ্ধান্ত আসতে পারে। স্থানীয় বাসিন্দা ও প্রত্যক্ষদর্শীরা জানান, পরিস্থিতি এখন স্বাভাবিক রয়েছে। কর্তৃপক্ষ বলছে, প্রয়োজনীয় ব্যবস্থা নেওয়া হচ্ছে এবং সার্বিক পরিস্থিতি পর্যবেক্ষণ করা হচ্ছে।

সংবাদ বিস্তারিত অংশ অব্যাহত রয়েছে। সংশ্লিষ্ট সূত্রে জানা গেছে, বিষয়টি নিয়ে সংশ্লিষ্ট মহলে আলোচনা চলছে এবং শিগগিরই সিদ্ধান্ত আসতে পারে। স্থানীয় বাসিন্দা ও প্রত্যক্ষদর্শীরা জানান, পরিস্থিতি এখন স্বাভাবিক রয়েছে। কর্তৃপক্ষ বলছে, প্রয়োজনীয় ব্যবস্থা নেওয়া হচ্ছে এবং সার্বিক পরিস্থিতি পর্যবেক্ষণ করা হচ্ছে।

সংবাদ বিস্তারিত অংশ অব্যাহত রয়েছে। সংশ্লিষ্ট সূত্রে জানা গেছে, বিষয়টি নিয়ে সংশ্লিষ্ট মহলে আলোচনা চলছে এবং শিগগিরই সিদ্ধান্ত আসতে পারে। স্থানীয় বাসিন্দা ও প্রত্যক্ষদর্শীরা জানান, পরিস্থিতি এখন স্বাভাবিক রয়েছে। কর্তৃপক্ষ বলছে, প্রয়োজনীয় ব্যবস্থা নেওয়া হচ্ছে এবং সার্বিক পরিস্থিতি পর্যবেক্ষণ করা হচ্ছে।

সংবাদ বিস্তারিত অংশ অব্যাহত রয়েছে। সংশ্লিষ্ট সূত্রে জানা গেছে, বিষয়টি নিয়ে সংশ্লিষ্ট মহলে আলোচনা চলছে এবং শিগগিরই সিদ্ধান্ত আসতে পারে। স্থানীয় বাসিন্দা ও প্রত্যক্ষদর্শীরা জানান, পরিস্থিতি এখন স্বাভাবিক রয়েছে। কর্তৃপক্ষ বলছে, প্রয়োজনীয় ব্যবস্থা নেওয়া হচ্ছে এবং সার্বিক পরিস্থিতি পর্যবেক্ষণ করা হচ্ছে।

সংবাদ বিস্তারিত অংশ অব্যাহত রয়েছে। সংশ্লিষ্ট সূত্রে জানা গেছে, বিষয়টি নিয়ে সংশ্লিষ্ট মহলে আলোচনা চলছে এবং শিগগিরই সিদ্ধান্ত আসতে পারে। স্থানীয় বাসিন্দা ও প্রত্যক্ষদর্শীরা জানান, পরিস্থিতি এখন স্বাভাবিক রয়েছে। কর্তৃপক্ষ বলছে, প্রয়োজনীয় ব্যবস্থা নেওয়া হচ্ছে এবং সার্বিক পরিস্থিতি পর্যবেক্ষণ করা হচ্ছে।

প্রাইভেট কার চালককে ঢাকা মেডিকেল কলেজ হাসপাতালে নিয়ে গেলে জরুরি বিভাগের দায়িত্বরত চিকিৎসক সকাল সাড়ে ৯টার দিকে তাকে মৃত ঘোষণা করেন।

সংবাদ বিস্তারিত অংশ অব্যাহত রয়েছে। সংশ্লিষ্ট সূত্রে জানা গেছে, বিষয়টি নিয়ে সংশ্লিষ্ট মহলে আলোচনা চলছে এবং শিগগিরই সিদ্ধান্ত আসতে পারে। স্থানীয় বাসিন্দা ও প্রত্যক্ষদর্শীরা জানান, পরিস্থিতি এখন স্বাভাবিক রয়েছে। কর্তৃপক্ষ বলছে, প্রয়োজনীয় ব্যবস্থা নেওয়া হচ্ছে এবং সার্বিক পরিস্থিতি পর্যবেক্ষণ করা হচ্ছে।

সংবাদ বিস্তারিত অংশ অব্যাহত রয়েছে। সংশ্লিষ্ট সূত্রে জানা গেছে, বিষয়টি নিয়ে সংশ্লিষ্ট মহলে আলোচনা চলছে এবং শিগগিরই সিদ্ধান্ত আসতে পারে। স্থানীয় বাসিন্দা ও প্রত্যক্ষদর্শীরা জানান, পরিস্থিতি এখন স্বাভাবিক রয়েছে। কর্তৃপক্ষ বলছে, প্রয়োজনীয় ব্যবস্থা নেওয়া হচ্ছে এবং সার্বিক পরিস্থিতি পর্যবেক্ষণ করা হচ্ছে।

সংবাদ বিস্তারিত অংশ অব্যাহত রয়েছে। সংশ্লিষ্ট সূত্রে জানা গেছে, বিষয়টি নিয়ে সংশ্লিষ্ট মহলে আলোচনা চলছে এবং শিগগিরই সিদ্ধান্ত আসতে পারে। স্থানীয় বাসিন্দা ও প্রত্যক্ষদর্শীরা জানান, পরিস্থিতি এখন স্বাভাবিক রয়েছে। কর্তৃপক্ষ বলছে, প্রয়োজনীয় ব্যবস্থা নেওয়া হচ্ছে এবং সার্বিক পরিস্থিতি পর্যবেক্ষণ করা হচ্ছে।

সংবাদ বিস্তারিত অংশ অব্যাহত রয়েছে। সংশ্লিষ্ট সূত্রে জানা গেছে, বিষয়টি নিয়ে সংশ্লিষ্ট মহলে আলোচনা চলছে এবং শিগগিরই সিদ্ধান্ত আসতে পারে। স্থানীয় বাসিন্দা ও প্রত্যক্ষদর্শীরা জানান, পরিস্থিতি এখন স্বাভাবিক রয়েছে। কর্তৃপক্ষ বলছে, প্রয়োজনীয় ব্যবস্থা নেওয়া হচ্ছে এবং সার্বিক পরিস্থিতি পর্যবেক্ষণ করা হচ্ছে।

ঈদের ছুটিতে লাখো পর্যটকের আগমনে
( প্রথম পৃষ্ঠার পর )

হোটেল ৫০-৭০ শতাংশ ছাড় দেয়, তারা এখন সর্বোচ্চ ১০-২০ শতাংশ ছাড় দিচ্ছে। কক্সবাজারের সৈকত এলাকায় পর্যটকদের ভিড় লক্ষ্য করা গেছে।

সংবাদ বিস্তারিত অংশ অব্যাহত রয়েছে। সংশ্লিষ্ট সূত্রে জানা গেছে, বিষয়টি নিয়ে সংশ্লিষ্ট মহলে আলোচনা চলছে এবং শিগগিরই সিদ্ধান্ত আসতে পারে। স্থানীয় বাসিন্দা ও প্রত্যক্ষদর্শীরা জানান, পরিস্থিতি এখন স্বাভাবিক রয়েছে। কর্তৃপক্ষ বলছে, প্রয়োজনীয় ব্যবস্থা নেওয়া হচ্ছে এবং সার্বিক পরিস্থিতি পর্যবেক্ষণ করা হচ্ছে।

সংবাদ বিস্তারিত অংশ অব্যাহত রয়েছে। সংশ্লিষ্ট সূত্রে জানা গেছে, বিষয়টি নিয়ে সংশ্লিষ্ট মহলে আলোচনা চলছে এবং শিগগিরই সিদ্ধান্ত আসতে পারে। স্থানীয় বাসিন্দা ও প্রত্যক্ষদর্শীরা জানান, পরিস্থিতি এখন স্বাভাবিক রয়েছে। কর্তৃপক্ষ বলছে, প্রয়োজনীয় ব্যবস্থা নেওয়া হচ্ছে এবং সার্বিক পরিস্থিতি পর্যবেক্ষণ করা হচ্ছে।

সংবাদ বিস্তারিত অংশ অব্যাহত রয়েছে। সংশ্লিষ্ট সূত্রে জানা গেছে, বিষয়টি নিয়ে সংশ্লিষ্ট মহলে আলোচনা চলছে এবং শিগগিরই সিদ্ধান্ত আসতে পারে। স্থানীয় বাসিন্দা ও প্রত্যক্ষদর্শীরা জানান, পরিস্থিতি এখন স্বাভাবিক রয়েছে। কর্তৃপক্ষ বলছে, প্রয়োজনীয় ব্যবস্থা নেওয়া হচ্ছে এবং সার্বিক পরিস্থিতি পর্যবেক্ষণ করা হচ্ছে।

সংবাদ বিস্তারিত অংশ অব্যাহত রয়েছে। সংশ্লিষ্ট সূত্রে জানা গেছে, বিষয়টি নিয়ে সংশ্লিষ্ট মহলে আলোচনা চলছে এবং শিগগিরই সিদ্ধান্ত আসতে পারে। স্থানীয় বাসিন্দা ও প্রত্যক্ষদর্শীরা জানান, পরিস্থিতি এখন স্বাভাবিক রয়েছে। কর্তৃপক্ষ বলছে, প্রয়োজনীয় ব্যবস্থা নেওয়া হচ্ছে এবং সার্বিক পরিস্থিতি পর্যবেক্ষণ করা হচ্ছে।

সংবাদ বিস্তারিত অংশ অব্যাহত রয়েছে। সংশ্লিষ্ট সূত্রে জানা গেছে, বিষয়টি নিয়ে সংশ্লিষ্ট মহলে আলোচনা চলছে এবং শিগগিরই সিদ্ধান্ত আসতে পারে। স্থানীয় বাসিন্দা ও প্রত্যক্ষদর্শীরা জানান, পরিস্থিতি এখন স্বাভাবিক রয়েছে। কর্তৃপক্ষ বলছে, প্রয়োজনীয় ব্যবস্থা নেওয়া হচ্ছে এবং সার্বিক পরিস্থিতি পর্যবেক্ষণ করা হচ্ছে।

সংবাদ বিস্তারিত অংশ অব্যাহত রয়েছে। সংশ্লিষ্ট সূত্রে জানা গেছে, বিষয়টি নিয়ে সংশ্লিষ্ট মহলে আলোচনা চলছে এবং শিগগিরই সিদ্ধান্ত আসতে পারে। স্থানীয় বাসিন্দা ও প্রত্যক্ষদর্শীরা জানান, পরিস্থিতি এখন স্বাভাবিক রয়েছে। কর্তৃপক্ষ বলছে, প্রয়োজনীয় ব্যবস্থা নেওয়া হচ্ছে এবং সার্বিক পরিস্থিতি পর্যবেক্ষণ করা হচ্ছে।

সংবাদ বিস্তারিত অংশ অব্যাহত রয়েছে। সংশ্লিষ্ট সূত্রে জানা গেছে, বিষয়টি নিয়ে সংশ্লিষ্ট মহলে আলোচনা চলছে এবং শিগগিরই সিদ্ধান্ত আসতে পারে। স্থানীয় বাসিন্দা ও প্রত্যক্ষদর্শীরা জানান, পরিস্থিতি এখন স্বাভাবিক রয়েছে। কর্তৃপক্ষ বলছে, প্রয়োজনীয় ব্যবস্থা নেওয়া হচ্ছে এবং সার্বিক পরিস্থিতি পর্যবেক্ষণ করা হচ্ছে।

২৬ জেলায় বইছে তাপপ্রবাহ
( প্রথম পৃষ্ঠার পর )

এবং রংপুর, রাজশাহী, ময়মনসিংহ, ঢাকা, খুলনা ও বরিশাল বিভাগের দু-এক জায়গায় অস্থায়ীভাবে দমকা হাওয়াসহ হালকা থেকে মাঝারি ধরনের বৃষ্টি হতে পারে।

সংবাদ বিস্তারিত অংশ অব্যাহত রয়েছে। সংশ্লিষ্ট সূত্রে জানা গেছে, বিষয়টি নিয়ে সংশ্লিষ্ট মহলে আলোচনা চলছে এবং শিগগিরই সিদ্ধান্ত আসতে পারে। স্থানীয় বাসিন্দা ও প্রত্যক্ষদর্শীরা জানান, পরিস্থিতি এখন স্বাভাবিক রয়েছে। কর্তৃপক্ষ বলছে, প্রয়োজনীয় ব্যবস্থা নেওয়া হচ্ছে এবং সার্বিক পরিস্থিতি পর্যবেক্ষণ করা হচ্ছে।

সংবাদ বিস্তারিত অংশ অব্যাহত রয়েছে। সংশ্লিষ্ট সূত্রে জানা গেছে, বিষয়টি নিয়ে সংশ্লিষ্ট মহলে আলোচনা চলছে এবং শিগগিরই সিদ্ধান্ত আসতে পারে। স্থানীয় বাসিন্দা ও প্রত্যক্ষদর্শীরা জানান, পরিস্থিতি এখন স্বাভাবিক রয়েছে। কর্তৃপক্ষ বলছে, প্রয়োজনীয় ব্যবস্থা নেওয়া হচ্ছে এবং সার্বিক পরিস্থিতি পর্যবেক্ষণ করা হচ্ছে।

সংবাদ বিস্তারিত অংশ অব্যাহত রয়েছে। সংশ্লিষ্ট সূত্রে জানা গেছে, বিষয়টি নিয়ে সংশ্লিষ্ট মহলে আলোচনা চলছে এবং শিগগিরই সিদ্ধান্ত আসতে পারে। স্থানীয় বাসিন্দা ও প্রত্যক্ষদর্শীরা জানান, পরিস্থিতি এখন স্বাভাবিক রয়েছে। কর্তৃপক্ষ বলছে, প্রয়োজনীয় ব্যবস্থা নেওয়া হচ্ছে এবং সার্বিক পরিস্থিতি পর্যবেক্ষণ করা হচ্ছে।

সংবাদ বিস্তারিত অংশ অব্যাহত রয়েছে। সংশ্লিষ্ট সূত্রে জানা গেছে, বিষয়টি নিয়ে সংশ্লিষ্ট মহলে আলোচনা চলছে এবং শিগগিরই সিদ্ধান্ত আসতে পারে। স্থানীয় বাসিন্দা ও প্রত্যক্ষদর্শীরা জানান, পরিস্থিতি এখন স্বাভাবিক রয়েছে। কর্তৃপক্ষ বলছে, প্রয়োজনীয় ব্যবস্থা নেওয়া হচ্ছে এবং সার্বিক পরিস্থিতি পর্যবেক্ষণ করা হচ্ছে।

সংবাদ বিস্তারিত অংশ অব্যাহত রয়েছে। সংশ্লিষ্ট সূত্রে জানা গেছে, বিষয়টি নিয়ে সংশ্লিষ্ট মহলে আলোচনা চলছে এবং শিগগিরই সিদ্ধান্ত আসতে পারে। স্থানীয় বাসিন্দা ও প্রত্যক্ষদর্শীরা জানান, পরিস্থিতি এখন স্বাভাবিক রয়েছে। কর্তৃপক্ষ বলছে, প্রয়োজনীয় ব্যবস্থা নেওয়া হচ্ছে এবং সার্বিক পরিস্থিতি পর্যবেক্ষণ করা হচ্ছে।

হাসিনা-জয়সহ ২২২ জনের বিরুদ্ধে
( প্রথম পৃষ্ঠার পর )

আগামী ২০ জুলাইয়ের মধ্যে মামলার বিষয়ে প্রতিবেদন দাখিলের নির্দেশ দিয়েছেন। মোহাম্মদপুর থানা আদালতের প্রসিকিউশন বিভাগের এসআই বিষয়টি নিশ্চিত করেন।

সংবাদ বিস্তারিত অংশ অব্যাহত রয়েছে। সংশ্লিষ্ট সূত্রে জানা গেছে, বিষয়টি নিয়ে সংশ্লিষ্ট মহলে আলোচনা চলছে এবং শিগগিরই সিদ্ধান্ত আসতে পারে। স্থানীয় বাসিন্দা ও প্রত্যক্ষদর্শীরা জানান, পরিস্থিতি এখন স্বাভাবিক রয়েছে। কর্তৃপক্ষ বলছে, প্রয়োজনীয় ব্যবস্থা নেওয়া হচ্ছে এবং সার্বিক পরিস্থিতি পর্যবেক্ষণ করা হচ্ছে।

সংবাদ বিস্তারিত অংশ অব্যাহত রয়েছে। সংশ্লিষ্ট সূত্রে জানা গেছে, বিষয়টি নিয়ে সংশ্লিষ্ট মহলে আলোচনা চলছে এবং শিগগিরই সিদ্ধান্ত আসতে পারে। স্থানীয় বাসিন্দা ও প্রত্যক্ষদর্শীরা জানান, পরিস্থিতি এখন স্বাভাবিক রয়েছে। কর্তৃপক্ষ বলছে, প্রয়োজনীয় ব্যবস্থা নেওয়া হচ্ছে এবং সার্বিক পরিস্থিতি পর্যবেক্ষণ করা হচ্ছে।

সংবাদ বিস্তারিত অংশ অব্যাহত রয়েছে। সংশ্লিষ্ট সূত্রে জানা গেছে, বিষয়টি নিয়ে সংশ্লিষ্ট মহলে আলোচনা চলছে এবং শিগগিরই সিদ্ধান্ত আসতে পারে। স্থানীয় বাসিন্দা ও প্রত্যক্ষদর্শীরা জানান, পরিস্থিতি এখন স্বাভাবিক রয়েছে। কর্তৃপক্ষ বলছে, প্রয়োজনীয় ব্যবস্থা নেওয়া হচ্ছে এবং সার্বিক পরিস্থিতি পর্যবেক্ষণ করা হচ্ছে।

নতুন করে গৃহস্থালিতে গ্যাস সংযোগ
( প্রথম পৃষ্ঠার পর )

প্রায় ২০০ মিলিয়ন ঘনফুট গ্যাসের উৎপাদন কমছে। পাশাপাশি এলএনজি আমদানি বেড়েছে। নতুন করে আবাসিক সংযোগ দেওয়ার বিষয়ে সরকার বিবেচনা করছে।

সংবাদ বিস্তারিত অংশ অব্যাহত রয়েছে। সংশ্লিষ্ট সূত্রে জানা গেছে, বিষয়টি নিয়ে সংশ্লিষ্ট মহলে আলোচনা চলছে এবং শিগগিরই সিদ্ধান্ত আসতে পারে। স্থানীয় বাসিন্দা ও প্রত্যক্ষদর্শীরা জানান, পরিস্থিতি এখন স্বাভাবিক রয়েছে। কর্তৃপক্ষ বলছে, প্রয়োজনীয় ব্যবস্থা নেওয়া হচ্ছে এবং সার্বিক পরিস্থিতি পর্যবেক্ষণ করা হচ্ছে।

সংবাদ বিস্তারিত অংশ অব্যাহত রয়েছে। সংশ্লিষ্ট সূত্রে জানা গেছে, বিষয়টি নিয়ে সংশ্লিষ্ট মহলে আলোচনা চলছে এবং শিগগিরই সিদ্ধান্ত আসতে পারে। স্থানীয় বাসিন্দা ও প্রত্যক্ষদর্শীরা জানান, পরিস্থিতি এখন স্বাভাবিক রয়েছে। কর্তৃপক্ষ বলছে, প্রয়োজনীয় ব্যবস্থা নেওয়া হচ্ছে এবং সার্বিক পরিস্থিতি পর্যবেক্ষণ করা হচ্ছে।

সংবাদ বিস্তারিত অংশ অব্যাহত রয়েছে। সংশ্লিষ্ট সূত্রে জানা গেছে, বিষয়টি নিয়ে সংশ্লিষ্ট মহলে আলোচনা চলছে এবং শিগগিরই সিদ্ধান্ত আসতে পারে। স্থানীয় বাসিন্দা ও প্রত্যক্ষদর্শীরা জানান, পরিস্থিতি এখন স্বাভাবিক রয়েছে। কর্তৃপক্ষ বলছে, প্রয়োজনীয় ব্যবস্থা নেওয়া হচ্ছে এবং সার্বিক পরিস্থিতি পর্যবেক্ষণ করা হচ্ছে।

সরকার-বিএনপির সমঝোতা রাজনৈতিক
( প্রথম পৃষ্ঠার পর )

বৈঠকে তারেক রহমান ডিসেম্বর থেকে সরে ফেব্রুয়ারিতে নির্বাচনের প্রস্তাব দিয়েছেন, প্রধান উপদেষ্টাও শর্তসাপেক্ষে তা বিবেচনার কথা বলেছেন।

সংবাদ বিস্তারিত অংশ অব্যাহত রয়েছে। সংশ্লিষ্ট সূত্রে জানা গেছে, বিষয়টি নিয়ে সংশ্লিষ্ট মহলে আলোচনা চলছে এবং শিগগিরই সিদ্ধান্ত আসতে পারে। স্থানীয় বাসিন্দা ও প্রত্যক্ষদর্শীরা জানান, পরিস্থিতি এখন স্বাভাবিক রয়েছে। কর্তৃপক্ষ বলছে, প্রয়োজনীয় ব্যবস্থা নেওয়া হচ্ছে এবং সার্বিক পরিস্থিতি পর্যবেক্ষণ করা হচ্ছে।

সংবাদ বিস্তারিত অংশ অব্যাহত রয়েছে। সংশ্লিষ্ট সূত্রে জানা গেছে, বিষয়টি নিয়ে সংশ্লিষ্ট মহলে আলোচনা চলছে এবং শিগগিরই সিদ্ধান্ত আসতে পারে। স্থানীয় বাসিন্দা ও প্রত্যক্ষদর্শীরা জানান, পরিস্থিতি এখন স্বাভাবিক রয়েছে। কর্তৃপক্ষ বলছে, প্রয়োজনীয় ব্যবস্থা নেওয়া হচ্ছে এবং সার্বিক পরিস্থিতি পর্যবেক্ষণ করা হচ্ছে।

সংবাদ বিস্তারিত অংশ অব্যাহত রয়েছে। সংশ্লিষ্ট সূত্রে জানা গেছে, বিষয়টি নিয়ে সংশ্লিষ্ট মহলে আলোচনা চলছে এবং শিগগিরই সিদ্ধান্ত আসতে পারে। স্থানীয় বাসিন্দা ও প্রত্যক্ষদর্শীরা জানান, পরিস্থিতি এখন স্বাভাবিক রয়েছে। কর্তৃপক্ষ বলছে, প্রয়োজনীয় ব্যবস্থা নেওয়া হচ্ছে এবং সার্বিক পরিস্থিতি পর্যবেক্ষণ করা হচ্ছে।

সংবাদ বিস্তারিত অংশ অব্যাহত রয়েছে। সংশ্লিষ্ট সূত্রে জানা গেছে, বিষয়টি নিয়ে সংশ্লিষ্ট মহলে আলোচনা চলছে এবং শিগগিরই সিদ্ধান্ত আসতে পারে। স্থানীয় বাসিন্দা ও প্রত্যক্ষদর্শীরা জানান, পরিস্থিতি এখন স্বাভাবিক রয়েছে। কর্তৃপক্ষ বলছে, প্রয়োজনীয় ব্যবস্থা নেওয়া হচ্ছে এবং সার্বিক পরিস্থিতি পর্যবেক্ষণ করা হচ্ছে।

সংবাদ বিস্তারিত অংশ অব্যাহত রয়েছে। সংশ্লিষ্ট সূত্রে জানা গেছে, বিষয়টি নিয়ে সংশ্লিষ্ট মহলে আলোচনা চলছে এবং শিগগিরই সিদ্ধান্ত আসতে পারে। স্থানীয় বাসিন্দা ও প্রত্যক্ষদর্শীরা জানান, পরিস্থিতি এখন স্বাভাবিক রয়েছে। কর্তৃপক্ষ বলছে, প্রয়োজনীয় ব্যবস্থা নেওয়া হচ্ছে এবং সার্বিক পরিস্থিতি পর্যবেক্ষণ করা হচ্ছে।

সংবাদ বিস্তারিত অংশ অব্যাহত রয়েছে। সংশ্লিষ্ট সূত্রে জানা গেছে, বিষয়টি নিয়ে সংশ্লিষ্ট মহলে আলোচনা চলছে এবং শিগগিরই সিদ্ধান্ত আসতে পারে। স্থানীয় বাসিন্দা ও প্রত্যক্ষদর্শীরা জানান, পরিস্থিতি এখন স্বাভাবিক রয়েছে। কর্তৃপক্ষ বলছে, প্রয়োজনীয় ব্যবস্থা নেওয়া হচ্ছে এবং সার্বিক পরিস্থিতি পর্যবেক্ষণ করা হচ্ছে।

সংবাদ বিস্তারিত অংশ অব্যাহত রয়েছে। সংশ্লিষ্ট সূত্রে জানা গেছে, বিষয়টি নিয়ে সংশ্লিষ্ট মহলে আলোচনা চলছে এবং শিগগিরই সিদ্ধান্ত আসতে পারে। স্থানীয় বাসিন্দা ও প্রত্যক্ষদর্শীরা জানান, পরিস্থিতি এখন স্বাভাবিক রয়েছে। কর্তৃপক্ষ বলছে, প্রয়োজনীয় ব্যবস্থা নেওয়া হচ্ছে এবং সার্বিক পরিস্থিতি পর্যবেক্ষণ করা হচ্ছে।
